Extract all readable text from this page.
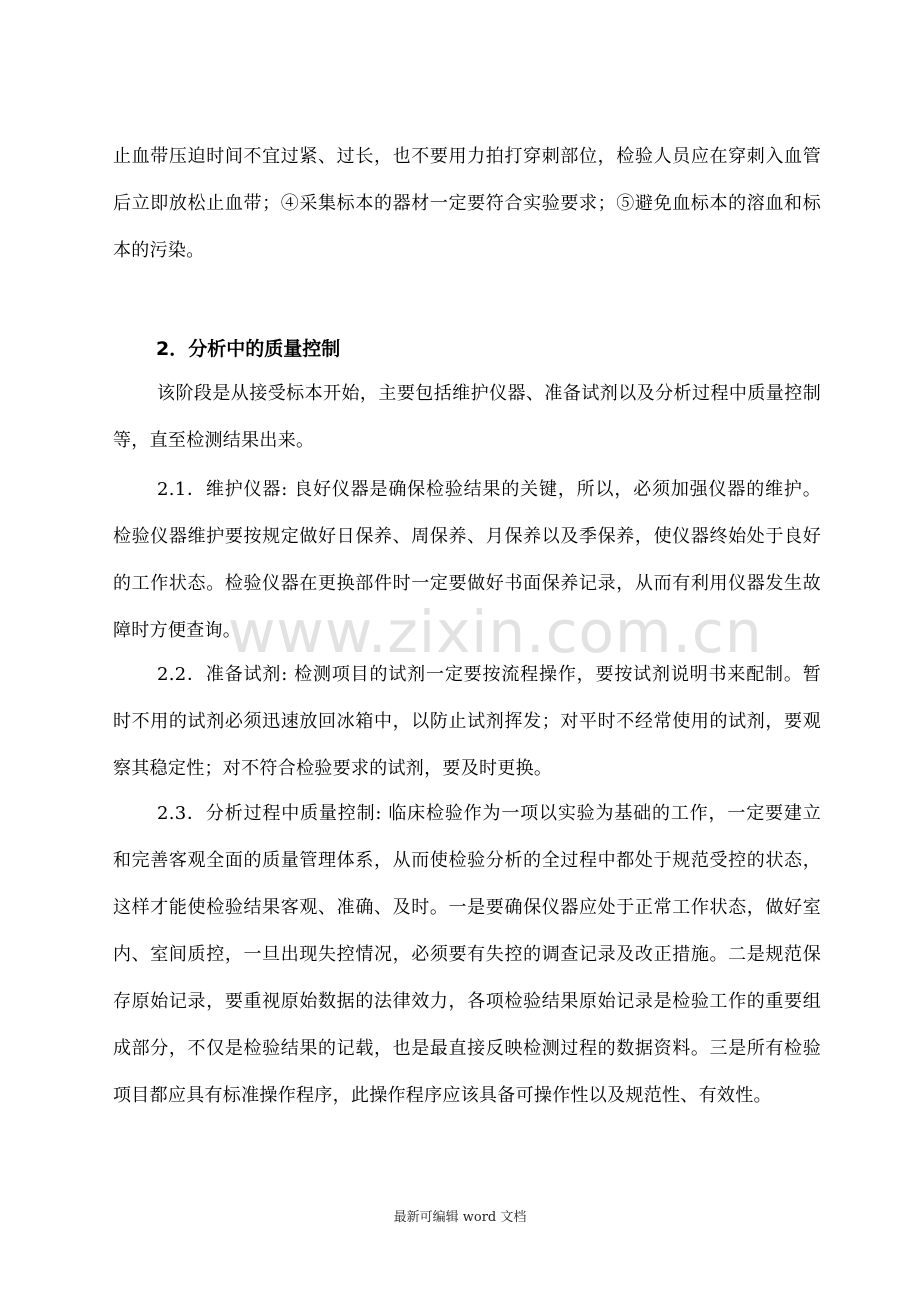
止血带压迫时间不宜过紧、过长，也不要用力拍打穿刺部位，检验人员应在穿刺入血管后立即放松止血带；④采集标本的器材一定要符合实验要求；⑤避免血标本的溶血和标本的污染。

2．分析中的质量控制

该阶段是从接受标本开始，主要包括维护仪器、准备试剂以及分析过程中质量控制等，直至检测结果出来。

2.1．维护仪器: 良好仪器是确保检验结果的关键，所以，必须加强仪器的维护。检验仪器维护要按规定做好日保养、周保养、月保养以及季保养，使仪器终始处于良好的工作状态。检验仪器在更换部件时一定要做好书面保养记录，从而有利用仪器发生故障时方便查询。

2.2．准备试剂: 检测项目的试剂一定要按流程操作，要按试剂说明书来配制。暂时不用的试剂必须迅速放回冰箱中，以防止试剂挥发；对平时不经常使用的试剂，要观察其稳定性；对不符合检验要求的试剂，要及时更换。

2.3．分析过程中质量控制: 临床检验作为一项以实验为基础的工作，一定要建立和完善客观全面的质量管理体系，从而使检验分析的全过程中都处于规范受控的状态，这样才能使检验结果客观、准确、及时。一是要确保仪器应处于正常工作状态，做好室内、室间质控，一旦出现失控情况，必须要有失控的调查记录及改正措施。二是规范保存原始记录，要重视原始数据的法律效力，各项检验结果原始记录是检验工作的重要组成部分，不仅是检验结果的记载，也是最直接反映检测过程的数据资料。三是所有检验项目都应具有标准操作程序，此操作程序应该具备可操作性以及规范性、有效性。

www.zixin.com.cn
最新可编辑 word 文档
